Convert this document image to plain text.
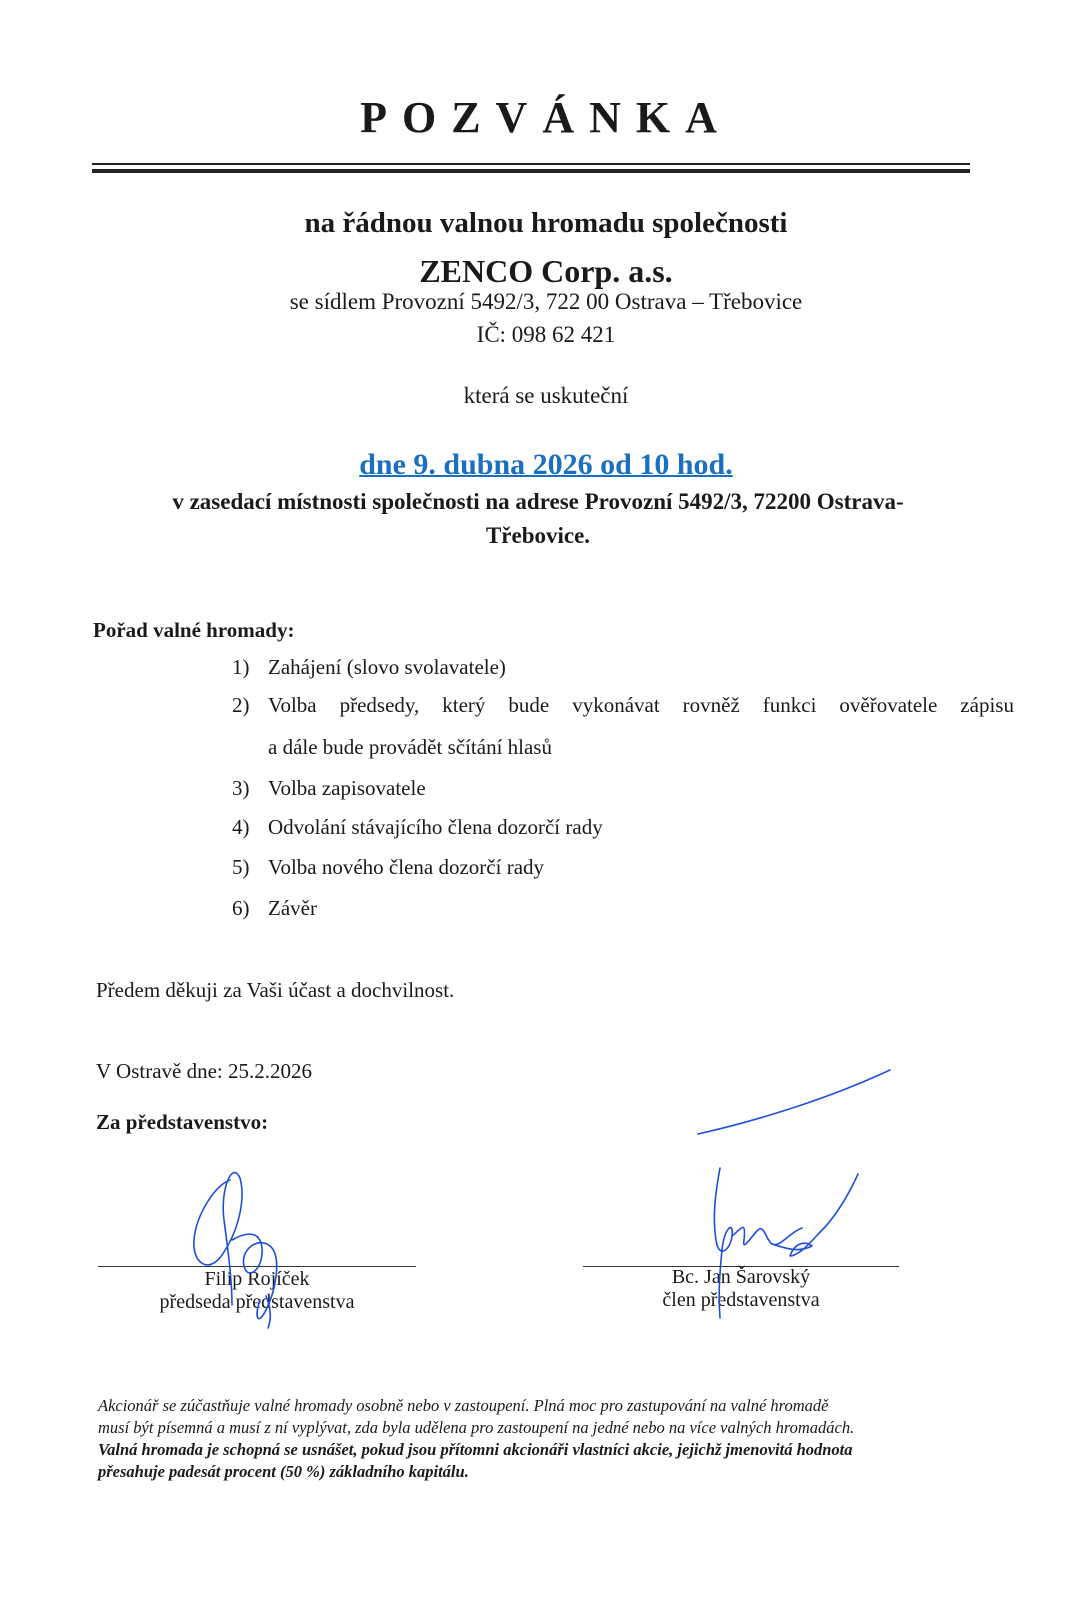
POZVÁNKA
na řádnou valnou hromadu společnosti
ZENCO Corp. a.s.
se sídlem Provozní 5492/3, 722 00 Ostrava – Třebovice
IČ: 098 62 421
která se uskuteční
dne 9. dubna 2026 od 10 hod.
v zasedací místnosti společnosti na adrese Provozní 5492/3, 72200 Ostrava-
Třebovice.
Pořad valné hromady:
1) Zahájení (slovo svolavatele)
2) Volba předsedy, který bude vykonávat rovněž funkci ověřovatele zápisu
a dále bude provádět sčítání hlasů
3) Volba zapisovatele
4) Odvolání stávajícího člena dozorčí rady
5) Volba nového člena dozorčí rady
6) Závěr
Předem děkuji za Vaši účast a dochvilnost.
V Ostravě dne: 25.2.2026
Za představenstvo:
Filip Rojíček
předseda představenstva
Bc. Jan Šarovský
člen představenstva
Akcionář se zúčastňuje valné hromady osobně nebo v zastoupení. Plná moc pro zastupování na valné hromadě
musí být písemná a musí z ní vyplývat, zda byla udělena pro zastoupení na jedné nebo na více valných hromadách.
Valná hromada je schopná se usnášet, pokud jsou přítomni akcionáři vlastníci akcie, jejichž jmenovitá hodnota
přesahuje padesát procent (50 %) základního kapitálu.
